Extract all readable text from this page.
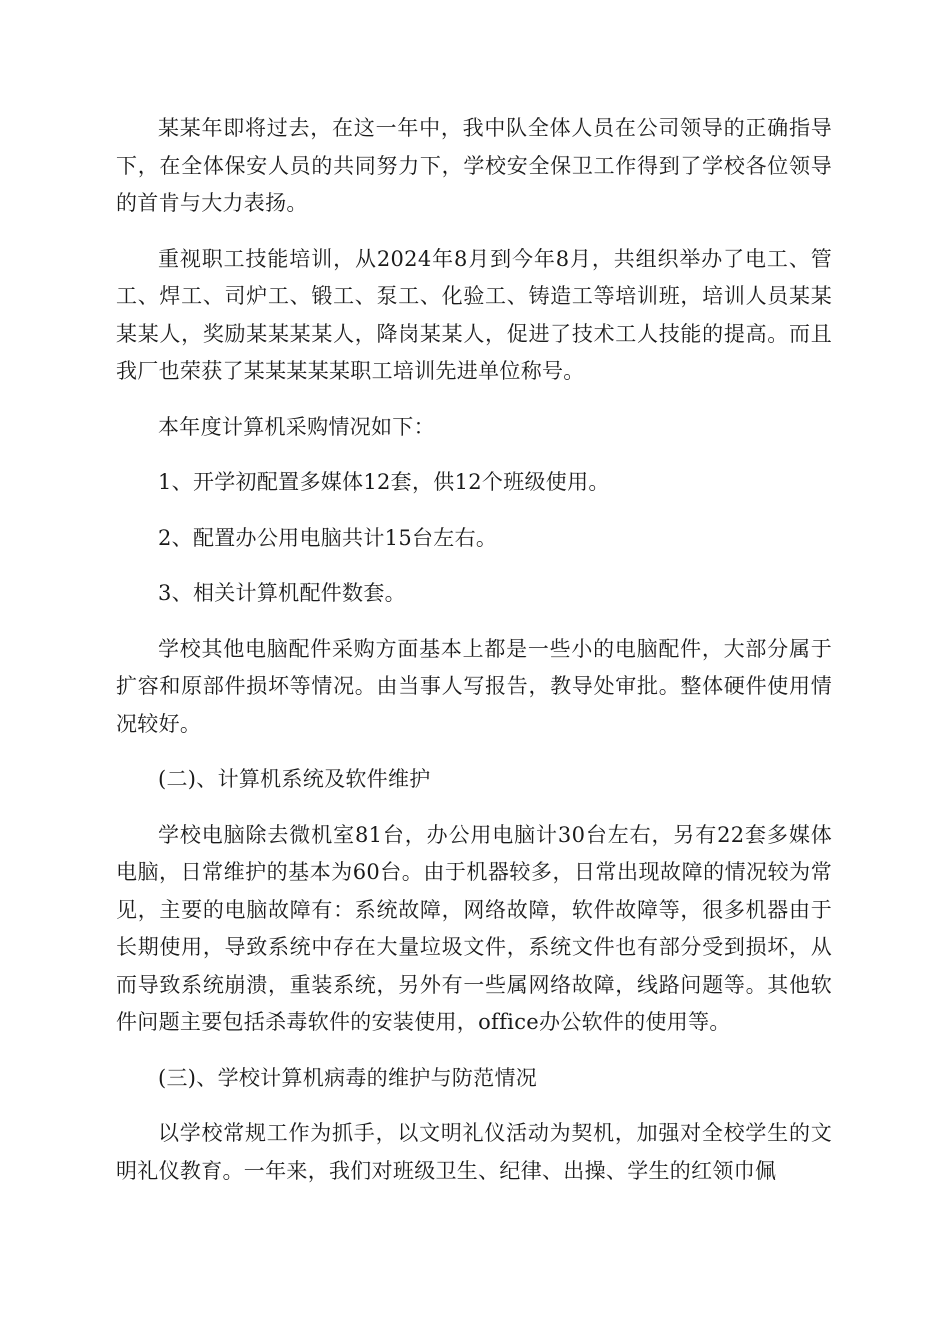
某某年即将过去，在这一年中，我中队全体人员在公司领导的正确指导下，在全体保安人员的共同努力下，学校安全保卫工作得到了学校各位领导的首肯与大力表扬。

重视职工技能培训，从2024年8月到今年8月，共组织举办了电工、管工、焊工、司炉工、锻工、泵工、化验工、铸造工等培训班，培训人员某某某某人，奖励某某某某人，降岗某某人，促进了技术工人技能的提高。而且我厂也荣获了某某某某某职工培训先进单位称号。

本年度计算机采购情况如下：

1、开学初配置多媒体12套，供12个班级使用。

2、配置办公用电脑共计15台左右。

3、相关计算机配件数套。

学校其他电脑配件采购方面基本上都是一些小的电脑配件，大部分属于扩容和原部件损坏等情况。由当事人写报告，教导处审批。整体硬件使用情况较好。

(二)、计算机系统及软件维护

学校电脑除去微机室81台，办公用电脑计30台左右，另有22套多媒体电脑，日常维护的基本为60台。由于机器较多，日常出现故障的情况较为常见，主要的电脑故障有：系统故障，网络故障，软件故障等，很多机器由于长期使用，导致系统中存在大量垃圾文件，系统文件也有部分受到损坏，从而导致系统崩溃，重装系统，另外有一些属网络故障，线路问题等。其他软件问题主要包括杀毒软件的安装使用，office办公软件的使用等。

(三)、学校计算机病毒的维护与防范情况

以学校常规工作为抓手，以文明礼仪活动为契机，加强对全校学生的文明礼仪教育。一年来，我们对班级卫生、纪律、出操、学生的红领巾佩
